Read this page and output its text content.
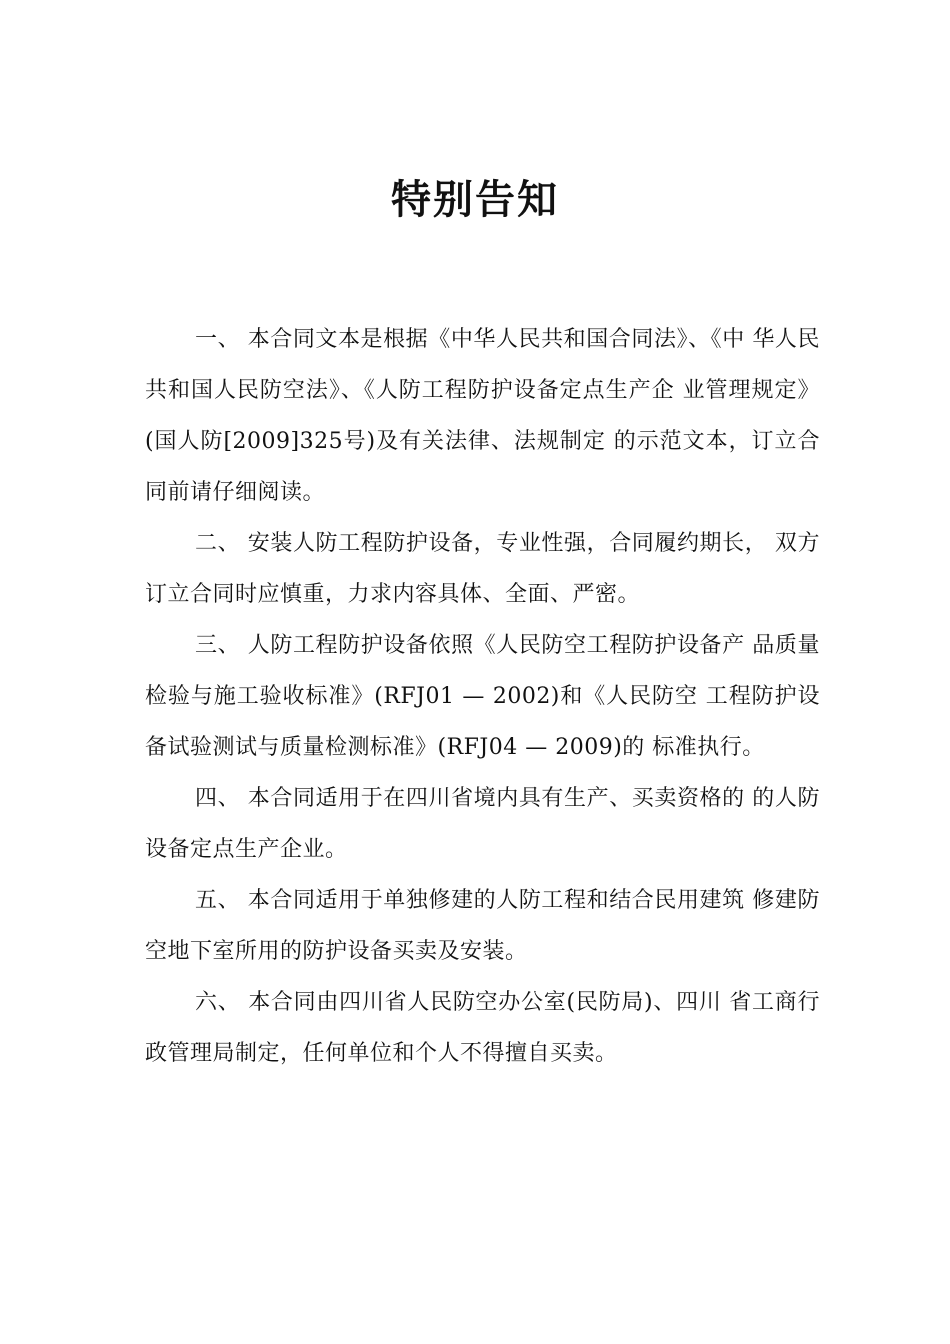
特别告知

一、 本合同文本是根据《中华人民共和国合同法》、《中 华人民共和国人民防空法》、《人防工程防护设备定点生产企 业管理规定》(国人防[2009]325号)及有关法律、法规制定 的示范文本，订立合同前请仔细阅读。

二、 安装人防工程防护设备，专业性强，合同履约期长， 双方订立合同时应慎重，力求内容具体、全面、严密。

三、 人防工程防护设备依照《人民防空工程防护设备产 品质量检验与施工验收标准》(RFJ01 — 2002)和《人民防空 工程防护设备试验测试与质量检测标准》(RFJ04 — 2009)的 标准执行。

四、 本合同适用于在四川省境内具有生产、买卖资格的 的人防设备定点生产企业。

五、 本合同适用于单独修建的人防工程和结合民用建筑 修建防空地下室所用的防护设备买卖及安装。

六、 本合同由四川省人民防空办公室(民防局)、四川 省工商行政管理局制定，任何单位和个人不得擅自买卖。
